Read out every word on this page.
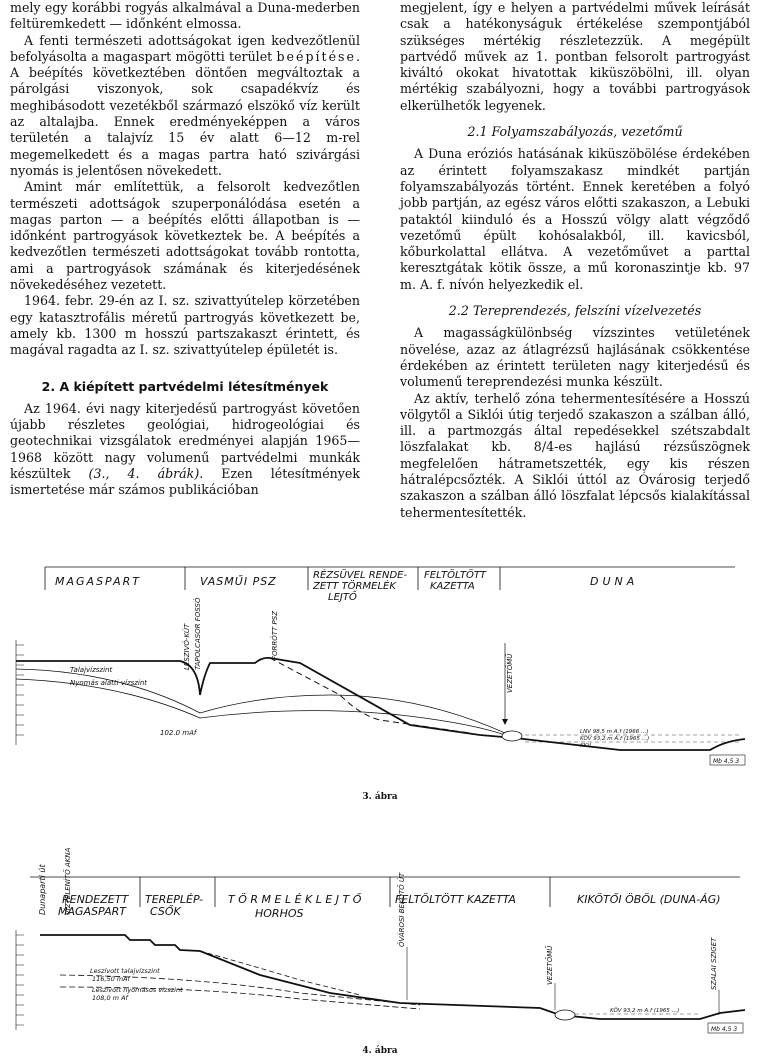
mely egy korábbi rogyás alkalmával a Duna-mederben feltüremkedett — időnként elmossa.

A fenti természeti adottságokat igen kedvezőtlenül befolyásolta a magaspart mögötti terület beépítése. A beépítés következtében döntően megváltoztak a párolgási viszonyok, sok csapadékvíz és meghibásodott vezetékből származó elszökő víz került az altalajba. Ennek eredményeképpen a város területén a talajvíz 15 év alatt 6—12 m-rel megemelkedett és a magas partra ható szivárgási nyomás is jelentősen növekedett.

Amint már említettük, a felsorolt kedvezőtlen természeti adottságok szuperponálódása esetén a magas parton — a beépítés előtti állapotban is — időnként partrogyások következtek be. A beépítés a kedvezőtlen természeti adottságokat tovább rontotta, ami a partrogyások számának és kiterjedésének növekedéséhez vezetett.

1964. febr. 29-én az I. sz. szivattyútelep körzetében egy katasztrofális méretű partrogyás következett be, amely kb. 1300 m hosszú partszakaszt érintett, és magával ragadta az I. sz. szivattyútelep épületét is.

2. A kiépített partvédelmi létesítmények

Az 1964. évi nagy kiterjedésű partrogyást követően újabb részletes geológiai, hidrogeológiai és geotechnikai vizsgálatok eredményei alapján 1965—1968 között nagy volumenű partvédelmi munkák készültek (3., 4. ábrák). Ezen létesítmények ismertetése már számos publikációban

megjelent, így e helyen a partvédelmi művek leírását csak a hatékonyságuk értékelése szempontjából szükséges mértékig részletezzük. A megépült partvédő művek az 1. pontban felsorolt partrogyást kiváltó okokat hivatottak kiküszöbölni, ill. olyan mértékig szabályozni, hogy a további partrogyások elkerülhetők legyenek.

2.1 Folyamszabályozás, vezetőmű

A Duna eróziós hatásának kiküszöbölése érdekében az érintett folyamszakasz mindkét partján folyamszabályozás történt. Ennek keretében a folyó jobb partján, az egész város előtti szakaszon, a Lebuki pataktól kiinduló és a Hosszú völgy alatt végződő vezetőmű épült kohósalakból, ill. kavicsból, kőburkolattal ellátva. A vezetőművet a parttal keresztgátak kötik össze, a mű koronaszintje kb. 97 m. A. f. nívón helyezkedik el.

2.2 Tereprendezés, felszíni vízelvezetés

A magasságkülönbség vízszintes vetületének növelése, azaz az átlagrézsű hajlásának csökkentése érdekében az érintett területen nagy kiterjedésű és volumenű tereprendezési munka készült.

Az aktív, terhelő zóna tehermentesítésére a Hosszú völgytől a Siklói útig terjedő szakaszon a szálban álló, ill. a partmozgás által repedésekkel szétszabdalt löszfalakat kb. 8/4-es hajlású rézsűszögnek megfelelően hátrametszették, egy kis részen hátralépcsőzték. A Siklói úttól az Óvárosig terjedő szakaszon a szálban álló löszfalat lépcsős kialakítással tehermentesítették.

MAGASPART	VASMŰI PSZ	RÉZSÜVEL RENDE-
ZETT TÖRMELÉK
LEJTŐ
FELTÖLTÖTT
KAZETTA	DUNA
LÉSZIVÓ-KÚT TAPOLCASOR FOSSÓ	FORRÓTT PSZ
VEZETŐMŰ
Talajvízszint
Nyomás alatti vízszint
102.0 mAf	LNV 98,5 m A.f (1966 …)
KÖV 93,2 m A.f (1965 …)
KKV …
Mb 4,5 3
3. ábra
Dunaparti út VÍZTELENÍTŐ AKNA
RENDEZETT
MAGASPART
TEREPLÉP-
CSŐK
T Ö R M E L É K L E J T Ő
HORHOS
FELTÖLTÖTT KAZETTA	KIKÖTŐI ÖBÖL (DUNA-ÁG)
ÓVÁROSI BEKÖTŐ ÚT
VEZETŐMŰ	SZALAI SZIGET
Leszívott talajvízszint
116,50 mAf
Leszívott nyomásos vízszint
108,0 m Af
KÖV 93,2 m A.f (1965 …)
Mb 4,5 3
4. ábra
